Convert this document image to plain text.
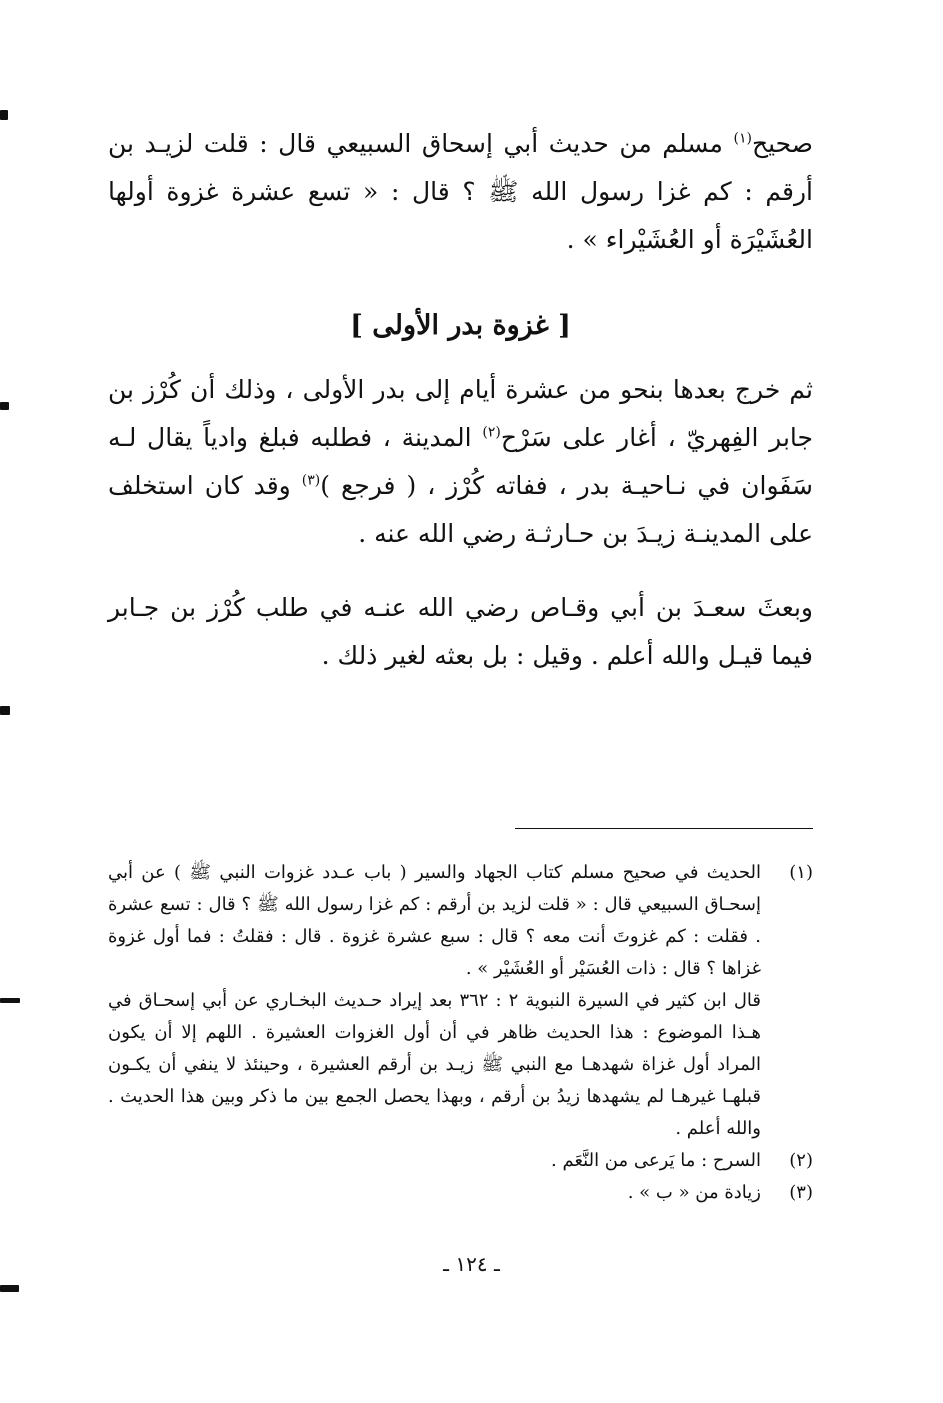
صحيح$^{(١)}$ مسلم من حديث أبي إسحاق السبيعي قال : قلت لزيـد بن أرقم : كم غزا رسول الله ﷺ ؟ قال : « تسع عشرة غزوة أولها العُشَيْرَة أو العُشَيْراء » .

[ غزوة بدر الأولى ]

ثم خرج بعدها بنحو من عشرة أيام إلى بدر الأولى ، وذلك أن كُرْز بن جابر الفِهريّ ، أغار على سَرْح$^{(٢)}$ المدينة ، فطلبه فبلغ وادياً يقال لـه سَفَوان في نـاحيـة بدر ، ففاته كُرْز ، ( فرجع )$^{(٣)}$ وقد كان استخلف على المدينـة زيـدَ بن حـارثـة رضي الله عنه .

وبعثَ سعـدَ بن أبي وقـاص رضي الله عنـه في طلب كُرْز بن جـابر فيما قيـل والله أعلم . وقيل : بل بعثه لغير ذلك .

(١)

الحديث في صحيح مسلم كتاب الجهاد والسير ( باب عـدد غزوات النبي ﷺ ) عن أبي إسحـاق السبيعي قال : « قلت لزيد بن أرقم : كم غزا رسول الله ﷺ ؟ قال : تسع عشرة . فقلت : كم غزوتَ أنت معه ؟ قال : سبع عشرة غزوة . قال : فقلتُ : فما أول غزوة غزاها ؟ قال : ذات العُسَيْر أو العُشَيْر » .

قال ابن كثير في السيرة النبوية ٢ : ٣٦٢ بعد إيراد حـديث البخـاري عن أبي إسحـاق في هـذا الموضوع : هذا الحديث ظاهر في أن أول الغزوات العشيرة . اللهم إلا أن يكون المراد أول غزاة شهدهـا مع النبي ﷺ زيـد بن أرقم العشيرة ، وحينئذ لا ينفي أن يكـون قبلهـا غيرهـا لم يشهدها زيدُ بن أرقم ، وبهذا يحصل الجمع بين ما ذكر وبين هذا الحديث . والله أعلم .

(٢)

السرح : ما يَرعى من النَّعَم .

(٣)

زيادة من « ب » .

ـ ١٢٤ ـ
